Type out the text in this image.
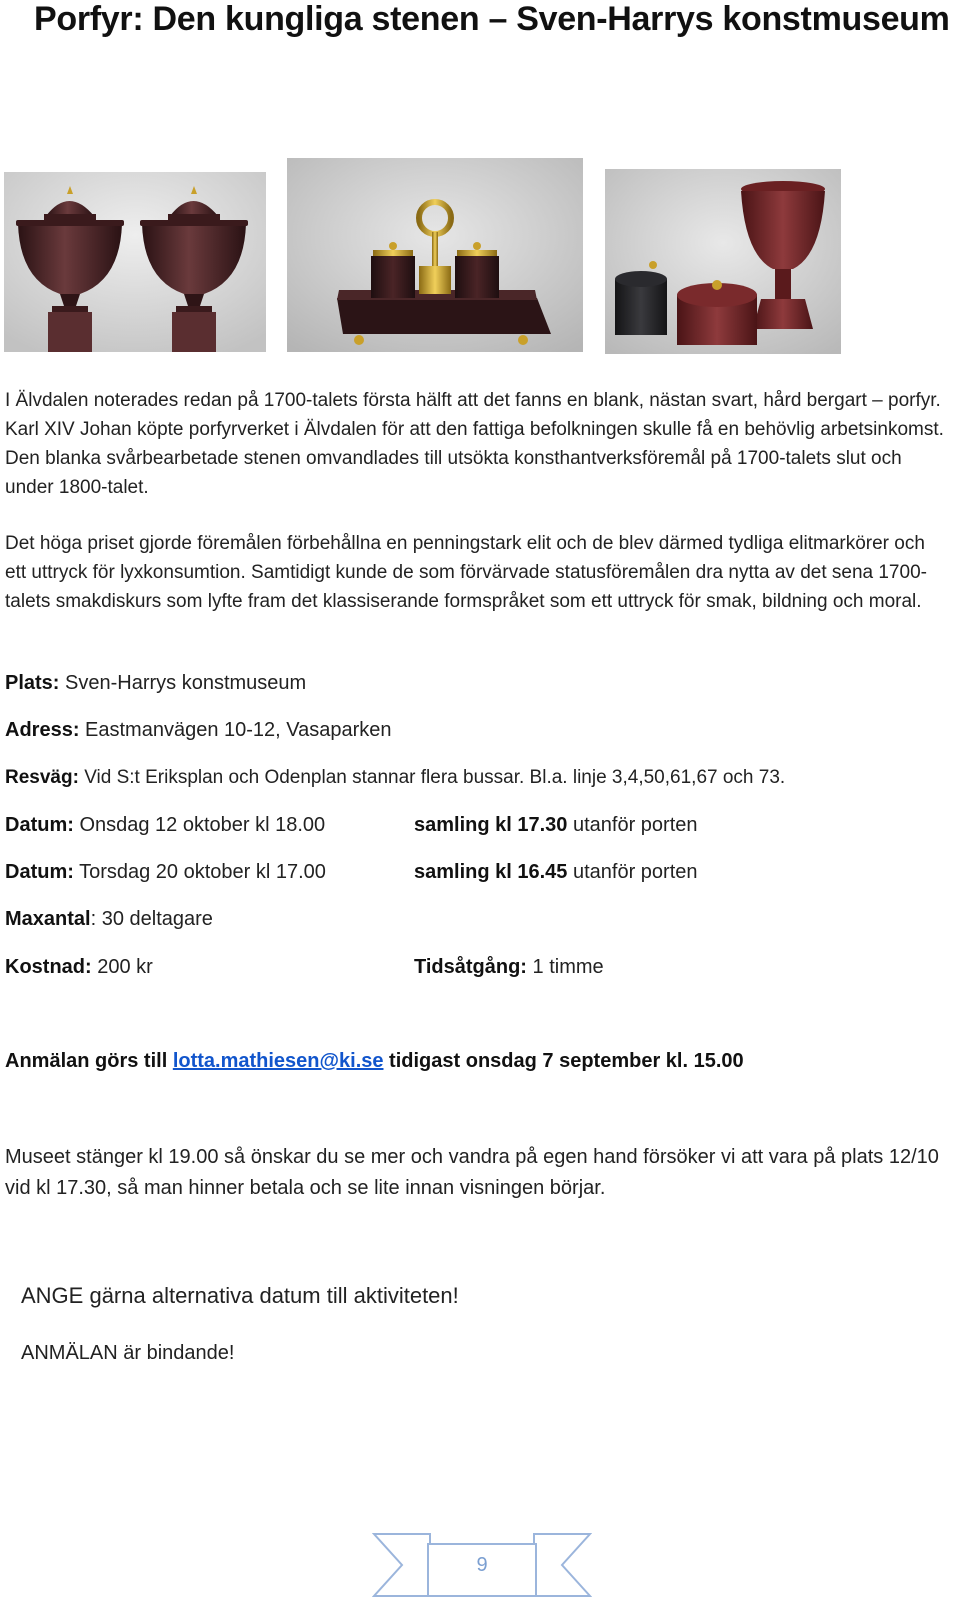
Porfyr: Den kungliga stenen – Sven-Harrys konstmuseum

I Älvdalen noterades redan på 1700-talets första hälft att det fanns en blank, nästan svart, hård bergart – porfyr. Karl XIV Johan köpte porfyrverket i Älvdalen för att den fattiga befolkningen skulle få en behövlig arbetsinkomst. Den blanka svårbearbetade stenen omvandlades till utsökta konsthantverksföremål på 1700-talets slut och under 1800-talet.

Det höga priset gjorde föremålen förbehållna en penningstark elit och de blev därmed tydliga elitmarkörer och ett uttryck för lyxkonsumtion. Samtidigt kunde de som förvärvade statusföremålen dra nytta av det sena 1700-talets smakdiskurs som lyfte fram det klassiserande formspråket som ett uttryck för smak, bildning och moral.

Plats: Sven-Harrys konstmuseum
Adress: Eastmanvägen 10-12, Vasaparken
Resväg: Vid S:t Eriksplan och Odenplan stannar flera bussar. Bl.a. linje 3,4,50,61,67 och 73.
Datum: Onsdag 12 oktober kl 18.00	samling kl 17.30 utanför porten
Datum: Torsdag 20 oktober kl 17.00	samling kl 16.45 utanför porten
Maxantal: 30 deltagare
Kostnad: 200 kr	Tidsåtgång: 1 timme
Anmälan görs till lotta.mathiesen@ki.se tidigast onsdag 7 september kl. 15.00

Museet stänger kl 19.00 så önskar du se mer och vandra på egen hand försöker vi att vara på plats 12/10 vid kl 17.30, så man hinner betala och se lite innan visningen börjar.

ANGE gärna alternativa datum till aktiviteten!
ANMÄLAN är bindande!
9
